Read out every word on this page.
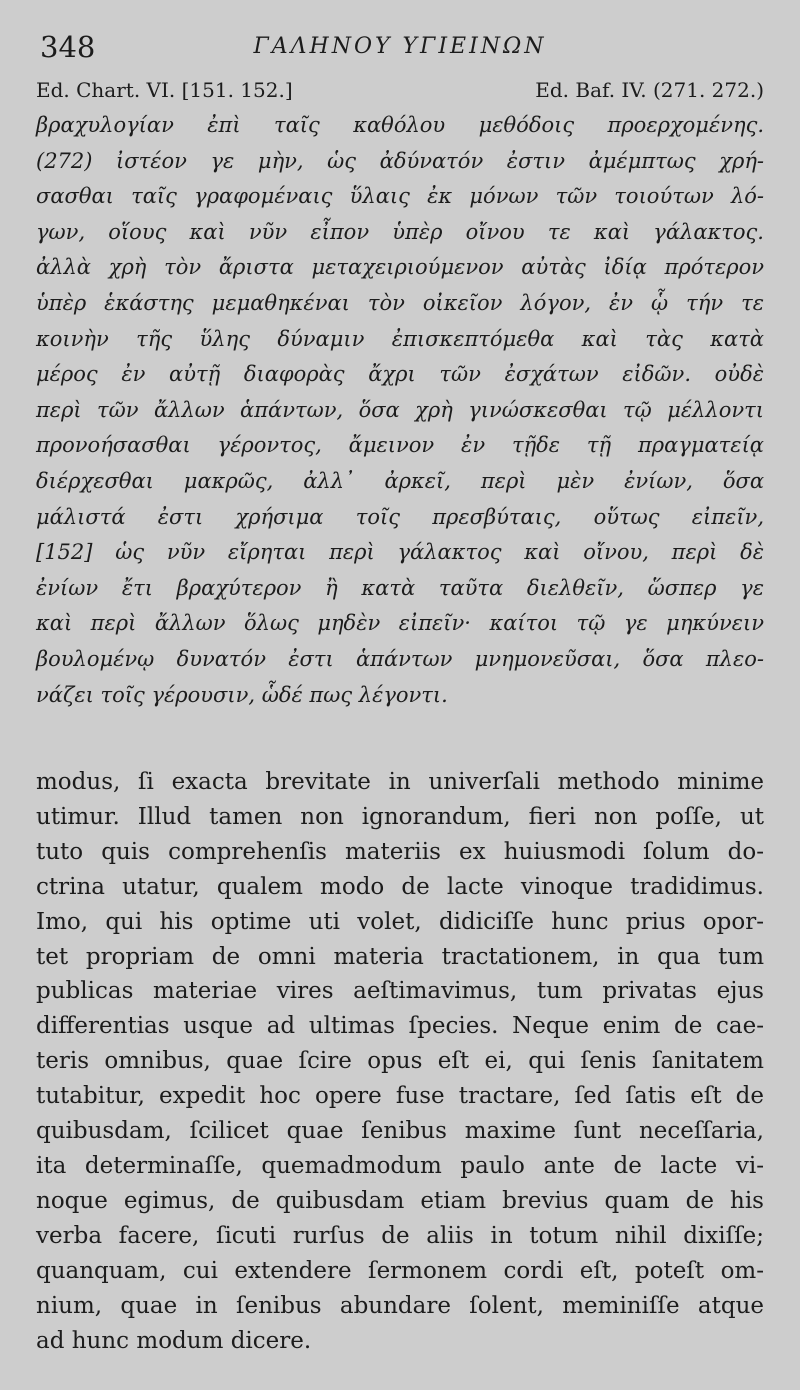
348	ΓΑΛΗΝΟΥ ΥΓΙΕΙΝΩΝ
Ed. Chart. VI. [151. 152.]	Ed. Baf. IV. (271. 272.)
βραχυλογίαν ἐπὶ ταῖς καθόλου μεθόδοις προερχομένης.
(272) ἰστέον γε μὴν, ὡς ἀδύνατόν ἐστιν ἀμέμπτως χρή-
σασθαι ταῖς γραφομέναις ὕλαις ἐκ μόνων τῶν τοιούτων λό-
γων, οἵους καὶ νῦν εἶπον ὑπὲρ οἴνου τε καὶ γάλακτος.
ἀλλὰ χρὴ τὸν ἄριστα μεταχειριούμενον αὐτὰς ἰδίᾳ πρότερον
ὑπὲρ ἑκάστης μεμαθηκέναι τὸν οἰκεῖον λόγον, ἐν ᾧ τήν τε
κοινὴν τῆς ὕλης δύναμιν ἐπισκεπτόμεθα καὶ τὰς κατὰ
μέρος ἐν αὐτῇ διαφορὰς ἄχρι τῶν ἐσχάτων εἰδῶν. οὐδὲ
περὶ τῶν ἄλλων ἁπάντων, ὅσα χρὴ γινώσκεσθαι τῷ μέλλοντι
προνοήσασθαι γέροντος, ἄμεινον ἐν τῇδε τῇ πραγματείᾳ
διέρχεσθαι μακρῶς, ἀλλ᾽ ἀρκεῖ, περὶ μὲν ἐνίων, ὅσα
μάλιστά ἐστι χρήσιμα τοῖς πρεσβύταις, οὕτως εἰπεῖν,
[152] ὡς νῦν εἴρηται περὶ γάλακτος καὶ οἴνου, περὶ δὲ
ἐνίων ἔτι βραχύτερον ἢ κατὰ ταῦτα διελθεῖν, ὥσπερ γε
καὶ περὶ ἄλλων ὅλως μηδὲν εἰπεῖν· καίτοι τῷ γε μηκύνειν
βουλομένῳ δυνατόν ἐστι ἁπάντων μνημονεῦσαι, ὅσα πλεο-
νάζει τοῖς γέρουσιν, ὧδέ πως λέγοντι.
modus, ſi exacta brevitate in univerſali methodo minime
utimur. Illud tamen non ignorandum, fieri non poſſe, ut
tuto quis comprehenſis materiis ex huiusmodi ſolum do-
ctrina utatur, qualem modo de lacte vinoque tradidimus.
Imo, qui his optime uti volet, didiciſſe hunc prius opor-
tet propriam de omni materia tractationem, in qua tum
publicas materiae vires aeſtimavimus, tum privatas ejus
differentias usque ad ultimas ſpecies. Neque enim de cae-
teris omnibus, quae ſcire opus eſt ei, qui ſenis ſanitatem
tutabitur, expedit hoc opere fuse tractare, ſed ſatis eſt de
quibusdam, ſcilicet quae ſenibus maxime ſunt neceſſaria,
ita determinaſſe, quemadmodum paulo ante de lacte vi-
noque egimus, de quibusdam etiam brevius quam de his
verba facere, ſicuti rurſus de aliis in totum nihil dixiſſe;
quanquam, cui extendere ſermonem cordi eſt, poteſt om-
nium, quae in ſenibus abundare ſolent, meminiſſe atque
ad hunc modum dicere.
